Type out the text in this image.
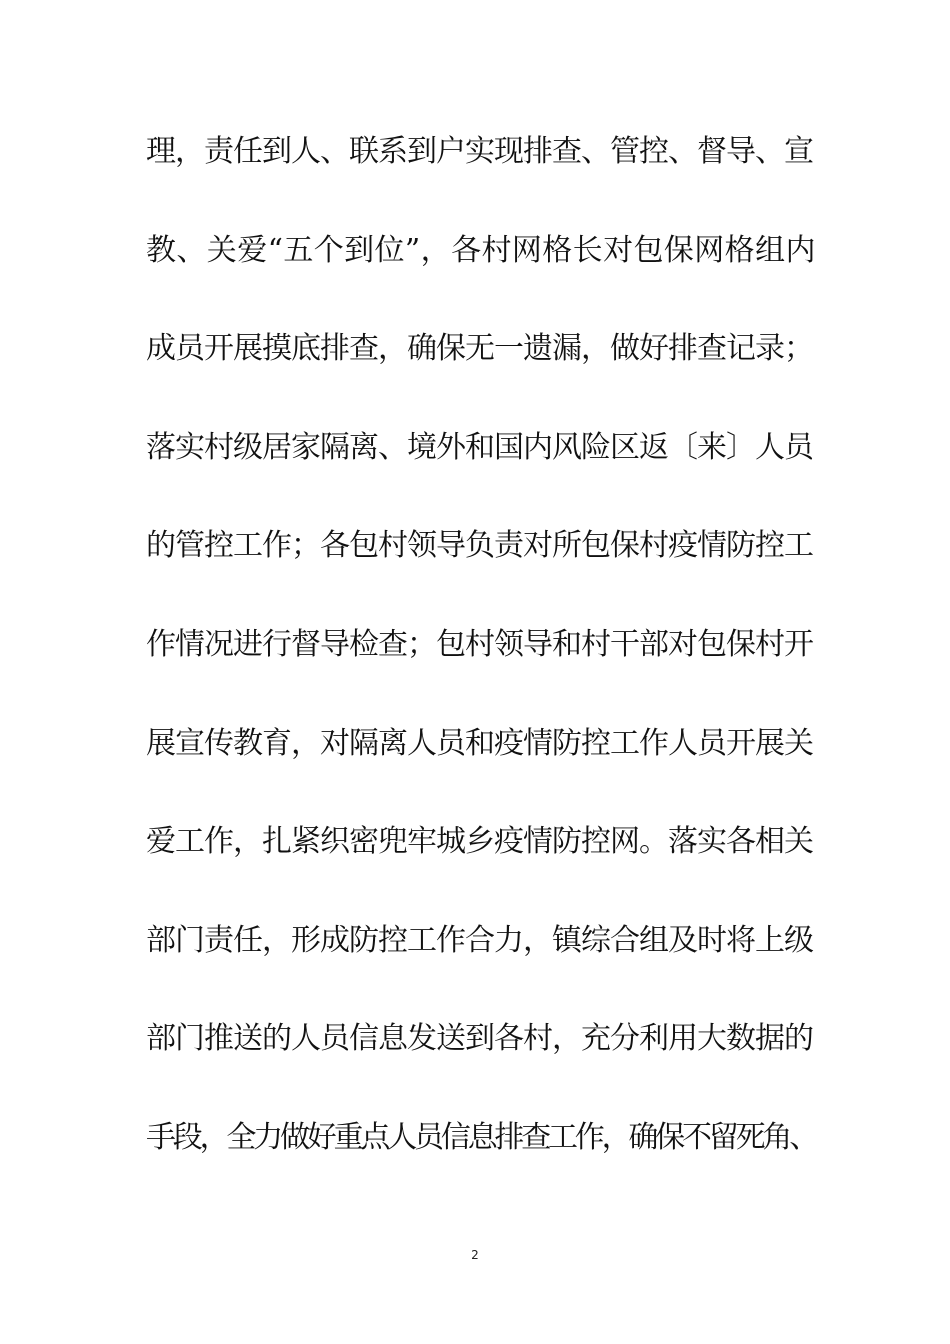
理，责任到人、联系到户实现排查、管控、督导、宣
教、关爱“五个到位”，各村网格长对包保网格组内
成员开展摸底排查，确保无一遗漏，做好排查记录；
落实村级居家隔离、境外和国内风险区返〔来〕人员
的管控工作；各包村领导负责对所包保村疫情防控工
作情况进行督导检查；包村领导和村干部对包保村开
展宣传教育，对隔离人员和疫情防控工作人员开展关
爱工作，扎紧织密兜牢城乡疫情防控网。落实各相关
部门责任，形成防控工作合力，镇综合组及时将上级
部门推送的人员信息发送到各村，充分利用大数据的
手段，全力做好重点人员信息排查工作，确保不留死角、
2
